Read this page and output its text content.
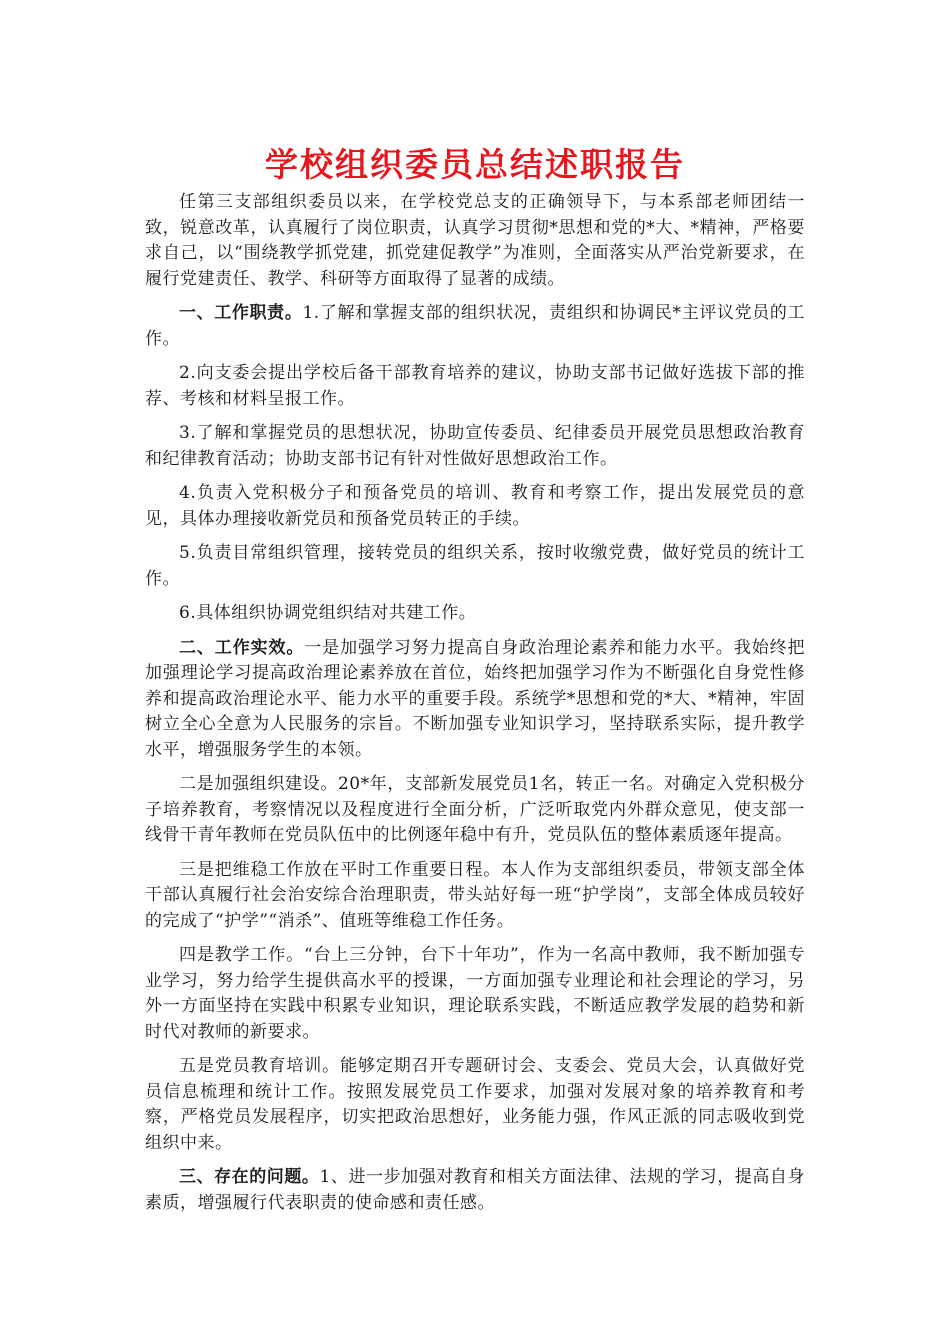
学校组织委员总结述职报告

任第三支部组织委员以来，在学校党总支的正确领导下，与本系部老师团结一致，锐意改革，认真履行了岗位职责，认真学习贯彻*思想和党的*大、*精神，严格要求自己，以“围绕教学抓党建，抓党建促教学”为准则，全面落实从严治党新要求，在履行党建责任、教学、科研等方面取得了显著的成绩。

一、工作职责。1.了解和掌握支部的组织状况，责组织和协调民*主评议党员的工作。

2.向支委会提出学校后备干部教育培养的建议，协助支部书记做好选拔下部的推荐、考核和材料呈报工作。

3.了解和掌握党员的思想状况，协助宣传委员、纪律委员开展党员思想政治教育和纪律教育活动；协助支部书记有针对性做好思想政治工作。

4.负责入党积极分子和预备党员的培训、教育和考察工作，提出发展党员的意见，具体办理接收新党员和预备党员转正的手续。

5.负责目常组织管理，接转党员的组织关系，按时收缴党费，做好党员的统计工作。

6.具体组织协调党组织结对共建工作。

二、工作实效。一是加强学习努力提高自身政治理论素养和能力水平。我始终把加强理论学习提高政治理论素养放在首位，始终把加强学习作为不断强化自身党性修养和提高政治理论水平、能力水平的重要手段。系统学*思想和党的*大、*精神，牢固树立全心全意为人民服务的宗旨。不断加强专业知识学习，坚持联系实际，提升教学水平，增强服务学生的本领。

二是加强组织建设。20*年，支部新发展党员1名，转正一名。对确定入党积极分子培养教育，考察情况以及程度进行全面分析，广泛听取党内外群众意见，使支部一线骨干青年教师在党员队伍中的比例逐年稳中有升，党员队伍的整体素质逐年提高。

三是把维稳工作放在平时工作重要日程。本人作为支部组织委员，带领支部全体干部认真履行社会治安综合治理职责，带头站好每一班“护学岗”，支部全体成员较好的完成了“护学”“消杀”、值班等维稳工作任务。

四是教学工作。“台上三分钟，台下十年功”，作为一名高中教师，我不断加强专业学习，努力给学生提供高水平的授课，一方面加强专业理论和社会理论的学习，另外一方面坚持在实践中积累专业知识，理论联系实践，不断适应教学发展的趋势和新时代对教师的新要求。

五是党员教育培训。能够定期召开专题研讨会、支委会、党员大会，认真做好党员信息梳理和统计工作。按照发展党员工作要求，加强对发展对象的培养教育和考察，严格党员发展程序，切实把政治思想好，业务能力强，作风正派的同志吸收到党组织中来。

三、存在的问题。1、进一步加强对教育和相关方面法律、法规的学习，提高自身素质，增强履行代表职责的使命感和责任感。
